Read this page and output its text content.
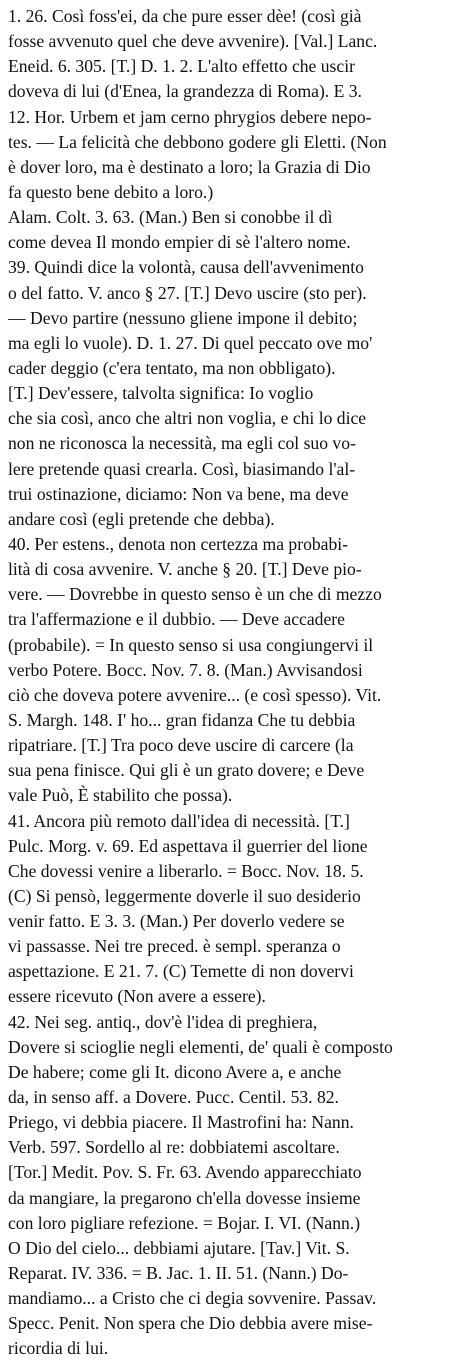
1. 26. Così foss'ei, da che pure esser dèe! (così già
fosse avvenuto quel che deve avvenire). [Val.] Lanc.
Eneid. 6. 305. [T.] D. 1. 2. L'alto effetto che uscir
doveva di lui (d'Enea, la grandezza di Roma). E 3.
12. Hor. Urbem et jam cerno phrygios debere nepo-
tes. — La felicità che debbono godere gli Eletti. (Non
è dover loro, ma è destinato a loro; la Grazia di Dio
fa questo bene debito a loro.)
Alam. Colt. 3. 63. (Man.) Ben si conobbe il dì
come devea Il mondo empier di sè l'altero nome.
39. Quindi dice la volontà, causa dell'avvenimento
o del fatto. V. anco § 27. [T.] Devo uscire (sto per).
— Devo partire (nessuno gliene impone il debito;
ma egli lo vuole). D. 1. 27. Di quel peccato ove mo'
cader deggio (c'era tentato, ma non obbligato).
[T.] Dev'essere, talvolta significa: Io voglio
che sia così, anco che altri non voglia, e chi lo dice
non ne riconosca la necessità, ma egli col suo vo-
lere pretende quasi crearla. Così, biasimando l'al-
trui ostinazione, diciamo: Non va bene, ma deve
andare così (egli pretende che debba).
40. Per estens., denota non certezza ma probabi-
lità di cosa avvenire. V. anche § 20. [T.] Deve pio-
vere. — Dovrebbe in questo senso è un che di mezzo
tra l'affermazione e il dubbio. — Deve accadere
(probabile). = In questo senso si usa congiungervi il
verbo Potere. Bocc. Nov. 7. 8. (Man.) Avvisandosi
ciò che doveva potere avvenire... (e così spesso). Vit.
S. Margh. 148. I' ho... gran fidanza Che tu debbia
ripatriare. [T.] Tra poco deve uscire di carcere (la
sua pena finisce. Qui gli è un grato dovere; e Deve
vale Può, È stabilito che possa).
41. Ancora più remoto dall'idea di necessità. [T.]
Pulc. Morg. v. 69. Ed aspettava il guerrier del lione
Che dovessi venire a liberarlo. = Bocc. Nov. 18. 5.
(C) Si pensò, leggermente doverle il suo desiderio
venir fatto. E 3. 3. (Man.) Per doverlo vedere se
vi passasse. Nei tre preced. è sempl. speranza o
aspettazione. E 21. 7. (C) Temette di non dovervi
essere ricevuto (Non avere a essere).
42. Nei seg. antiq., dov'è l'idea di preghiera,
Dovere si scioglie negli elementi, de' quali è composto
De habere; come gli It. dicono Avere a, e anche
da, in senso aff. a Dovere. Pucc. Centil. 53. 82.
Priego, vi debbia piacere. Il Mastrofini ha: Nann.
Verb. 597. Sordello al re: dobbiatemi ascoltare.
[Tor.] Medit. Pov. S. Fr. 63. Avendo apparecchiato
da mangiare, la pregarono ch'ella dovesse insieme
con loro pigliare refezione. = Bojar. I. VI. (Nann.)
O Dio del cielo... debbiami ajutare. [Tav.] Vit. S.
Reparat. IV. 336. = B. Jac. 1. II. 51. (Nann.) Do-
mandiamo... a Cristo che ci degia sovvenire. Passav.
Specc. Penit. Non spera che Dio debbia avere mise-
ricordia di lui.
